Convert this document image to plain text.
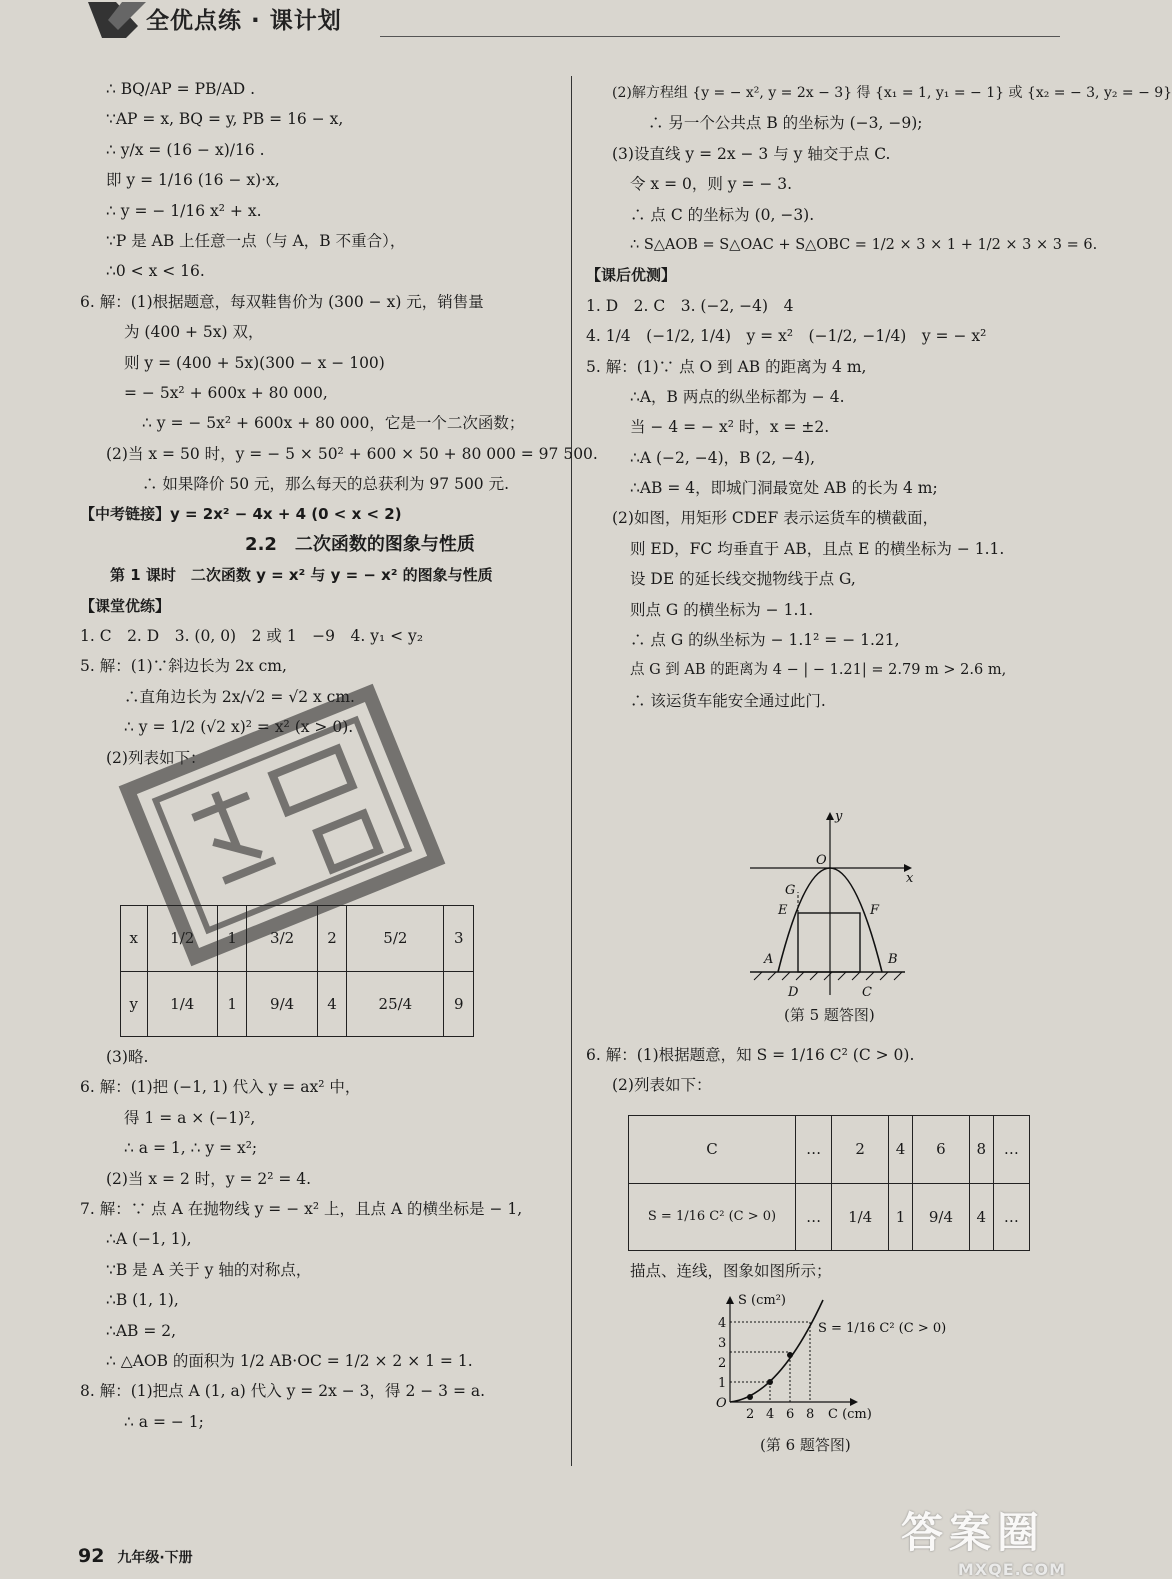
全优点练 · 课计划
∴ BQ/AP = PB/AD .
∵AP = x, BQ = y, PB = 16 − x,
∴ y/x = (16 − x)/16 .
即 y = 1/16 (16 − x)·x,
∴ y = − 1/16 x² + x.
∵P 是 AB 上任意一点（与 A，B 不重合），
∴0 < x < 16.
6. 解：(1)根据题意，每双鞋售价为 (300 − x) 元，销售量
为 (400 + 5x) 双，
则 y = (400 + 5x)(300 − x − 100)
= − 5x² + 600x + 80 000,
∴ y = − 5x² + 600x + 80 000，它是一个二次函数；
(2)当 x = 50 时，y = − 5 × 50² + 600 × 50 + 80 000 = 97 500.
∴ 如果降价 50 元，那么每天的总获利为 97 500 元.
【中考链接】y = 2x² − 4x + 4 (0 < x < 2)
2.2　二次函数的图象与性质
第 1 课时　二次函数 y = x² 与 y = − x² 的图象与性质
【课堂优练】
1. C　2. D　3. (0, 0)　2 或 1　−9　4. y₁ < y₂
5. 解：(1)∵斜边长为 2x cm,
∴直角边长为 2x/√2 = √2 x cm.
∴ y = 1/2 (√2 x)² = x² (x > 0).
(2)列表如下：
x	1/2	1	3/2	2	5/2	3
y	1/4	1	9/4	4	25/4	9
(3)略.
6. 解：(1)把 (−1, 1) 代入 y = ax² 中，
得 1 = a × (−1)²,
∴ a = 1, ∴ y = x²;
(2)当 x = 2 时，y = 2² = 4.
7. 解：∵ 点 A 在抛物线 y = − x² 上，且点 A 的横坐标是 − 1,
∴A (−1, 1),
∵B 是 A 关于 y 轴的对称点，
∴B (1, 1),
∴AB = 2,
∴ △AOB 的面积为 1/2 AB·OC = 1/2 × 2 × 1 = 1.
8. 解：(1)把点 A (1, a) 代入 y = 2x − 3，得 2 − 3 = a.
∴ a = − 1;
(2)解方程组 {y = − x², y = 2x − 3} 得 {x₁ = 1, y₁ = − 1} 或 {x₂ = − 3, y₂ = − 9}
∴ 另一个公共点 B 的坐标为 (−3, −9);
(3)设直线 y = 2x − 3 与 y 轴交于点 C.
令 x = 0，则 y = − 3.
∴ 点 C 的坐标为 (0, −3).
∴ S△AOB = S△OAC + S△OBC = 1/2 × 3 × 1 + 1/2 × 3 × 3 = 6.
【课后优测】
1. D　2. C　3. (−2, −4)　4
4. 1/4　(−1/2, 1/4)　y = x²　(−1/2, −1/4)　y = − x²
5. 解：(1)∵ 点 O 到 AB 的距离为 4 m,
∴A，B 两点的纵坐标都为 − 4.
当 − 4 = − x² 时，x = ±2.
∴A (−2, −4)，B (2, −4),
∴AB = 4，即城门洞最宽处 AB 的长为 4 m;
(2)如图，用矩形 CDEF 表示运货车的横截面，
则 ED，FC 均垂直于 AB，且点 E 的横坐标为 − 1.1.
设 DE 的延长线交抛物线于点 G,
则点 G 的横坐标为 − 1.1.
∴ 点 G 的纵坐标为 − 1.1² = − 1.21,
点 G 到 AB 的距离为 4 − | − 1.21| = 2.79 m > 2.6 m,
∴ 该运货车能安全通过此门.
y
x
O
G
E	F
A	B
D	C
(第 5 题答图)
6. 解：(1)根据题意，知 S = 1/16 C² (C > 0).
(2)列表如下：
C	…	2	4	6	8	…
S = 1/16 C² (C > 0)	…	1/4	1	9/4	4	…
描点、连线，图象如图所示；
S (cm²)
C (cm)
S = 1/16 C² (C > 0)
O
1
2
3
4
2 4 6 8
(第 6 题答图)
92 九年级·下册
答案圈
MXQE.COM
